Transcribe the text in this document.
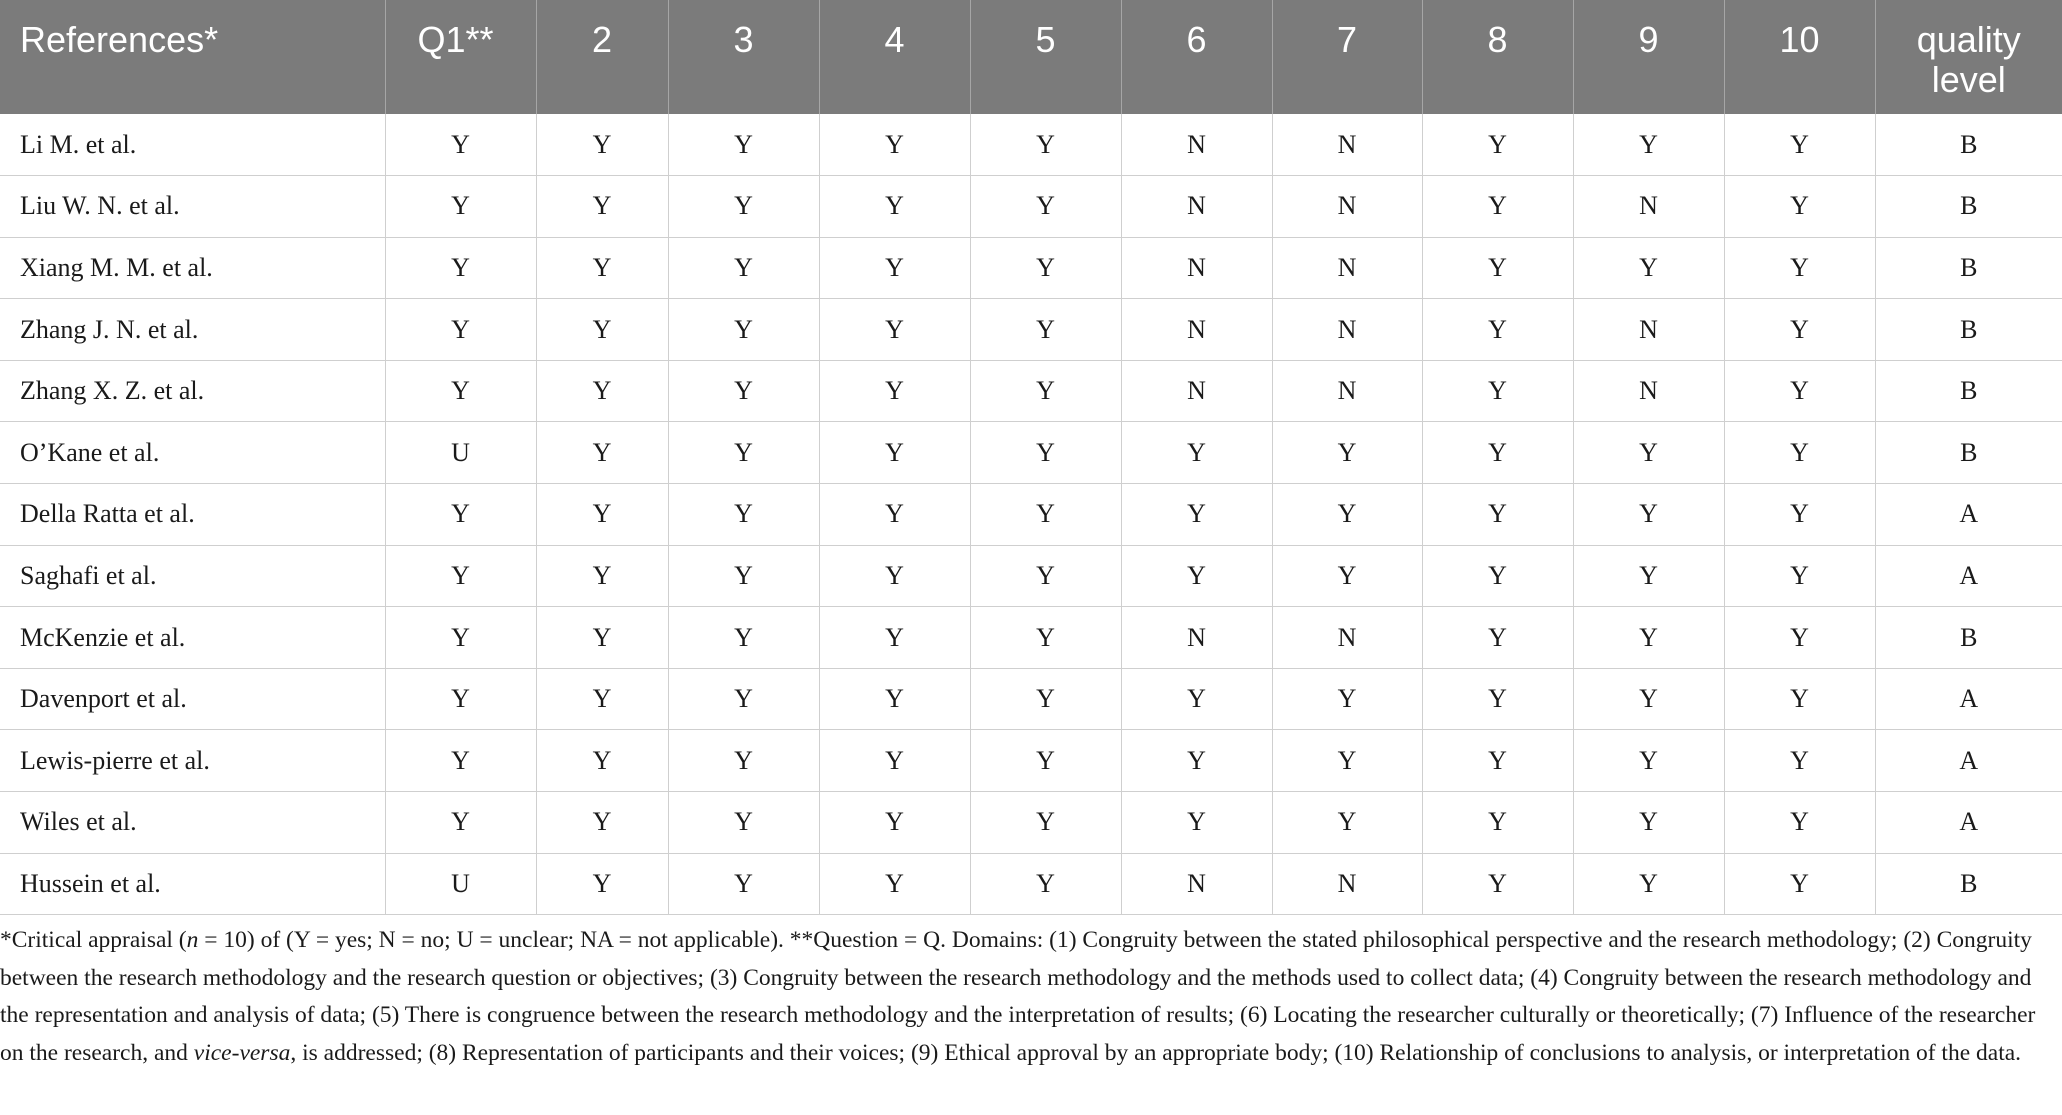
References*	Q1**	2	3	4	5	6	7	8	9	10	quality level

Li M. et al.	Y	Y	Y	Y	Y	N	N	Y	Y	Y	B
Liu W. N. et al.	Y	Y	Y	Y	Y	N	N	Y	N	Y	B
Xiang M. M. et al.	Y	Y	Y	Y	Y	N	N	Y	Y	Y	B
Zhang J. N. et al.	Y	Y	Y	Y	Y	N	N	Y	N	Y	B
Zhang X. Z. et al.	Y	Y	Y	Y	Y	N	N	Y	N	Y	B
O’Kane et al.	U	Y	Y	Y	Y	Y	Y	Y	Y	Y	B
Della Ratta et al.	Y	Y	Y	Y	Y	Y	Y	Y	Y	Y	A
Saghafi et al.	Y	Y	Y	Y	Y	Y	Y	Y	Y	Y	A
McKenzie et al.	Y	Y	Y	Y	Y	N	N	Y	Y	Y	B
Davenport et al.	Y	Y	Y	Y	Y	Y	Y	Y	Y	Y	A
Lewis-pierre et al.	Y	Y	Y	Y	Y	Y	Y	Y	Y	Y	A
Wiles et al.	Y	Y	Y	Y	Y	Y	Y	Y	Y	Y	A
Hussein et al.	U	Y	Y	Y	Y	N	N	Y	Y	Y	B

*Critical appraisal (n = 10) of (Y = yes; N = no; U = unclear; NA = not applicable). **Question = Q. Domains: (1) Congruity between the stated philosophical perspective and the research methodology; (2) Congruity between the research methodology and the research question or objectives; (3) Congruity between the research methodology and the methods used to collect data; (4) Congruity between the research methodology and the representation and analysis of data; (5) There is congruence between the research methodology and the interpretation of results; (6) Locating the researcher culturally or theoretically; (7) Influence of the researcher on the research, and vice-versa, is addressed; (8) Representation of participants and their voices; (9) Ethical approval by an appropriate body; (10) Relationship of conclusions to analysis, or interpretation of the data.
